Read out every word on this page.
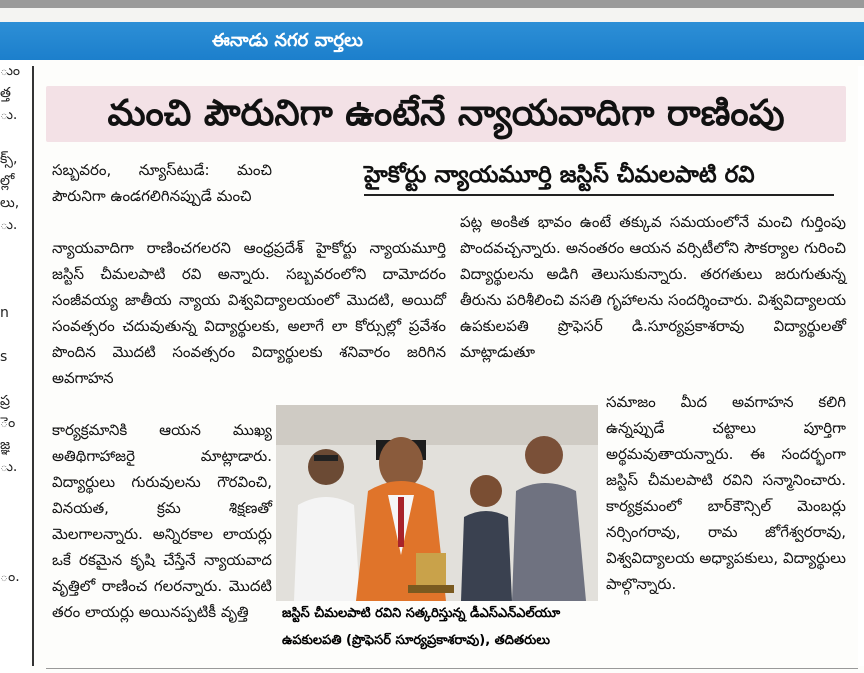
ఈనాడు నగర వార్తలు
ుం
త్త
ు.

క్స్,
ల్లో
లు,
ు.

n

s

ప్ర
ెం
జ్ఞ
ు.

ం.

మంచి పౌరునిగా ఉంటేనే న్యాయవాదిగా రాణింపు
హైకోర్టు న్యాయమూర్తి జస్టిస్‌ చీమలపాటి రవి

సబ్బవరం, న్యూస్‌టుడే: మంచి పౌరునిగా ఉండగలిగినప్పుడే మంచి

న్యాయవాదిగా రాణించగలరని ఆంధ్రప్రదేశ్‌ హైకోర్టు న్యాయమూర్తి జస్టిస్‌ చీమలపాటి రవి అన్నారు. సబ్బవరంలోని దామోదరం సంజీవయ్య జాతీయ న్యాయ విశ్వవిద్యాలయంలో మొదటి, అయిదో సంవత్సరం చదువుతున్న విద్యార్థులకు, అలాగే లా కోర్సుల్లో ప్రవేశం పొందిన మొదటి సంవత్సరం విద్యార్థులకు శనివారం జరిగిన అవగాహన

కార్యక్రమానికి ఆయన ముఖ్య అతిథిగాహాజరై మాట్లాడారు. విద్యార్థులు గురువులను గౌరవించి, వినయత, క్రమ శిక్షణతో మెలగాలన్నారు. అన్నిరకాల లాయర్లు ఒకే రకమైన కృషి చేస్తేనే న్యాయవాద వృత్తిలో రాణించ గలరన్నారు. మొదటి తరం లాయర్లు అయినప్పటికీ వృత్తి

పట్ల అంకిత భావం ఉంటే తక్కువ సమయంలోనే మంచి గుర్తింపు పొందవచ్చన్నారు. అనంతరం ఆయన వర్సిటీలోని సౌకర్యాల గురించి విద్యార్థులను అడిగి తెలుసుకున్నారు. తరగతులు జరుగుతున్న తీరును పరిశీలించి వసతి గృహాలను సందర్శించారు. విశ్వవిద్యాలయ ఉపకులపతి ప్రొఫెసర్‌ డి.సూర్యప్రకాశరావు విద్యార్థులతో మాట్లాడుతూ

సమాజం మీద అవగాహన కలిగి ఉన్నప్పుడే చట్టాలు పూర్తిగా అర్థమవుతాయన్నారు. ఈ సందర్భంగా జస్టిస్‌ చీమలపాటి రవిని సన్మానించారు. కార్యక్రమంలో బార్‌కౌన్సిల్‌ మెంబర్లు నర్సింగరావు, రామ జోగేశ్వరరావు, విశ్వవిద్యాలయ అధ్యాపకులు, విద్యార్థులు పాల్గొన్నారు.

జస్టిస్‌ చీమలపాటి రవిని సత్కరిస్తున్న డీఎస్‌ఎన్‌ఎల్‌యూ ఉపకులపతి (ప్రొఫెసర్‌ సూర్యప్రకాశరావు), తదితరులు
